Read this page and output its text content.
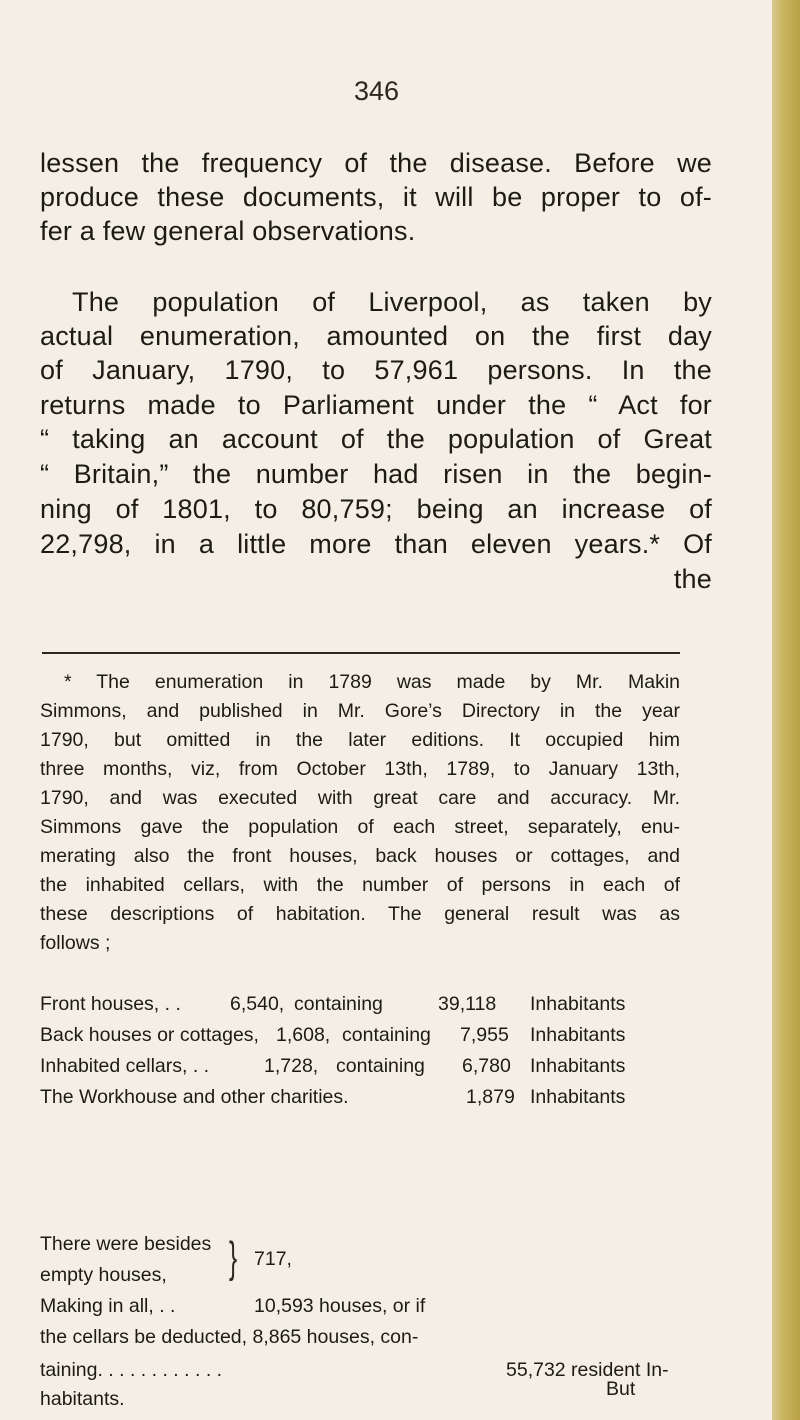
346
lessen the frequency of the disease. Before we
produce these documents, it will be proper to of-
fer a few general observations.
The population of Liverpool, as taken by
actual enumeration, amounted on the first day
of January, 1790, to 57,961 persons. In the
returns made to Parliament under the “ Act for
“ taking an account of the population of Great
“ Britain,” the number had risen in the begin-
ning of 1801, to 80,759; being an increase of
22,798, in a little more than eleven years.* Of
the
* The enumeration in 1789 was made by Mr. Makin
Simmons, and published in Mr. Gore’s Directory in the year
1790, but omitted in the later editions. It occupied him
three months, viz, from October 13th, 1789, to January 13th,
1790, and was executed with great care and accuracy. Mr.
Simmons gave the population of each street, separately, enu-
merating also the front houses, back houses or cottages, and
the inhabited cellars, with the number of persons in each of
these descriptions of habitation. The general result was as
follows ;
Front houses, . .	6,540, containing	39,118 Inhabitants
Back houses or cottages, 1,608, containing 7,955 Inhabitants
Inhabited cellars, . .	1,728, containing 6,780 Inhabitants
The Workhouse and other charities.	1,879 Inhabitants
There were besides
empty houses, } 717,
Making in all, . .	10,593 houses, or if
the cellars be deducted, 8,865 houses, con-
taining. . . . . . . . . . . .	55,732 resident In-
habitants.	But
